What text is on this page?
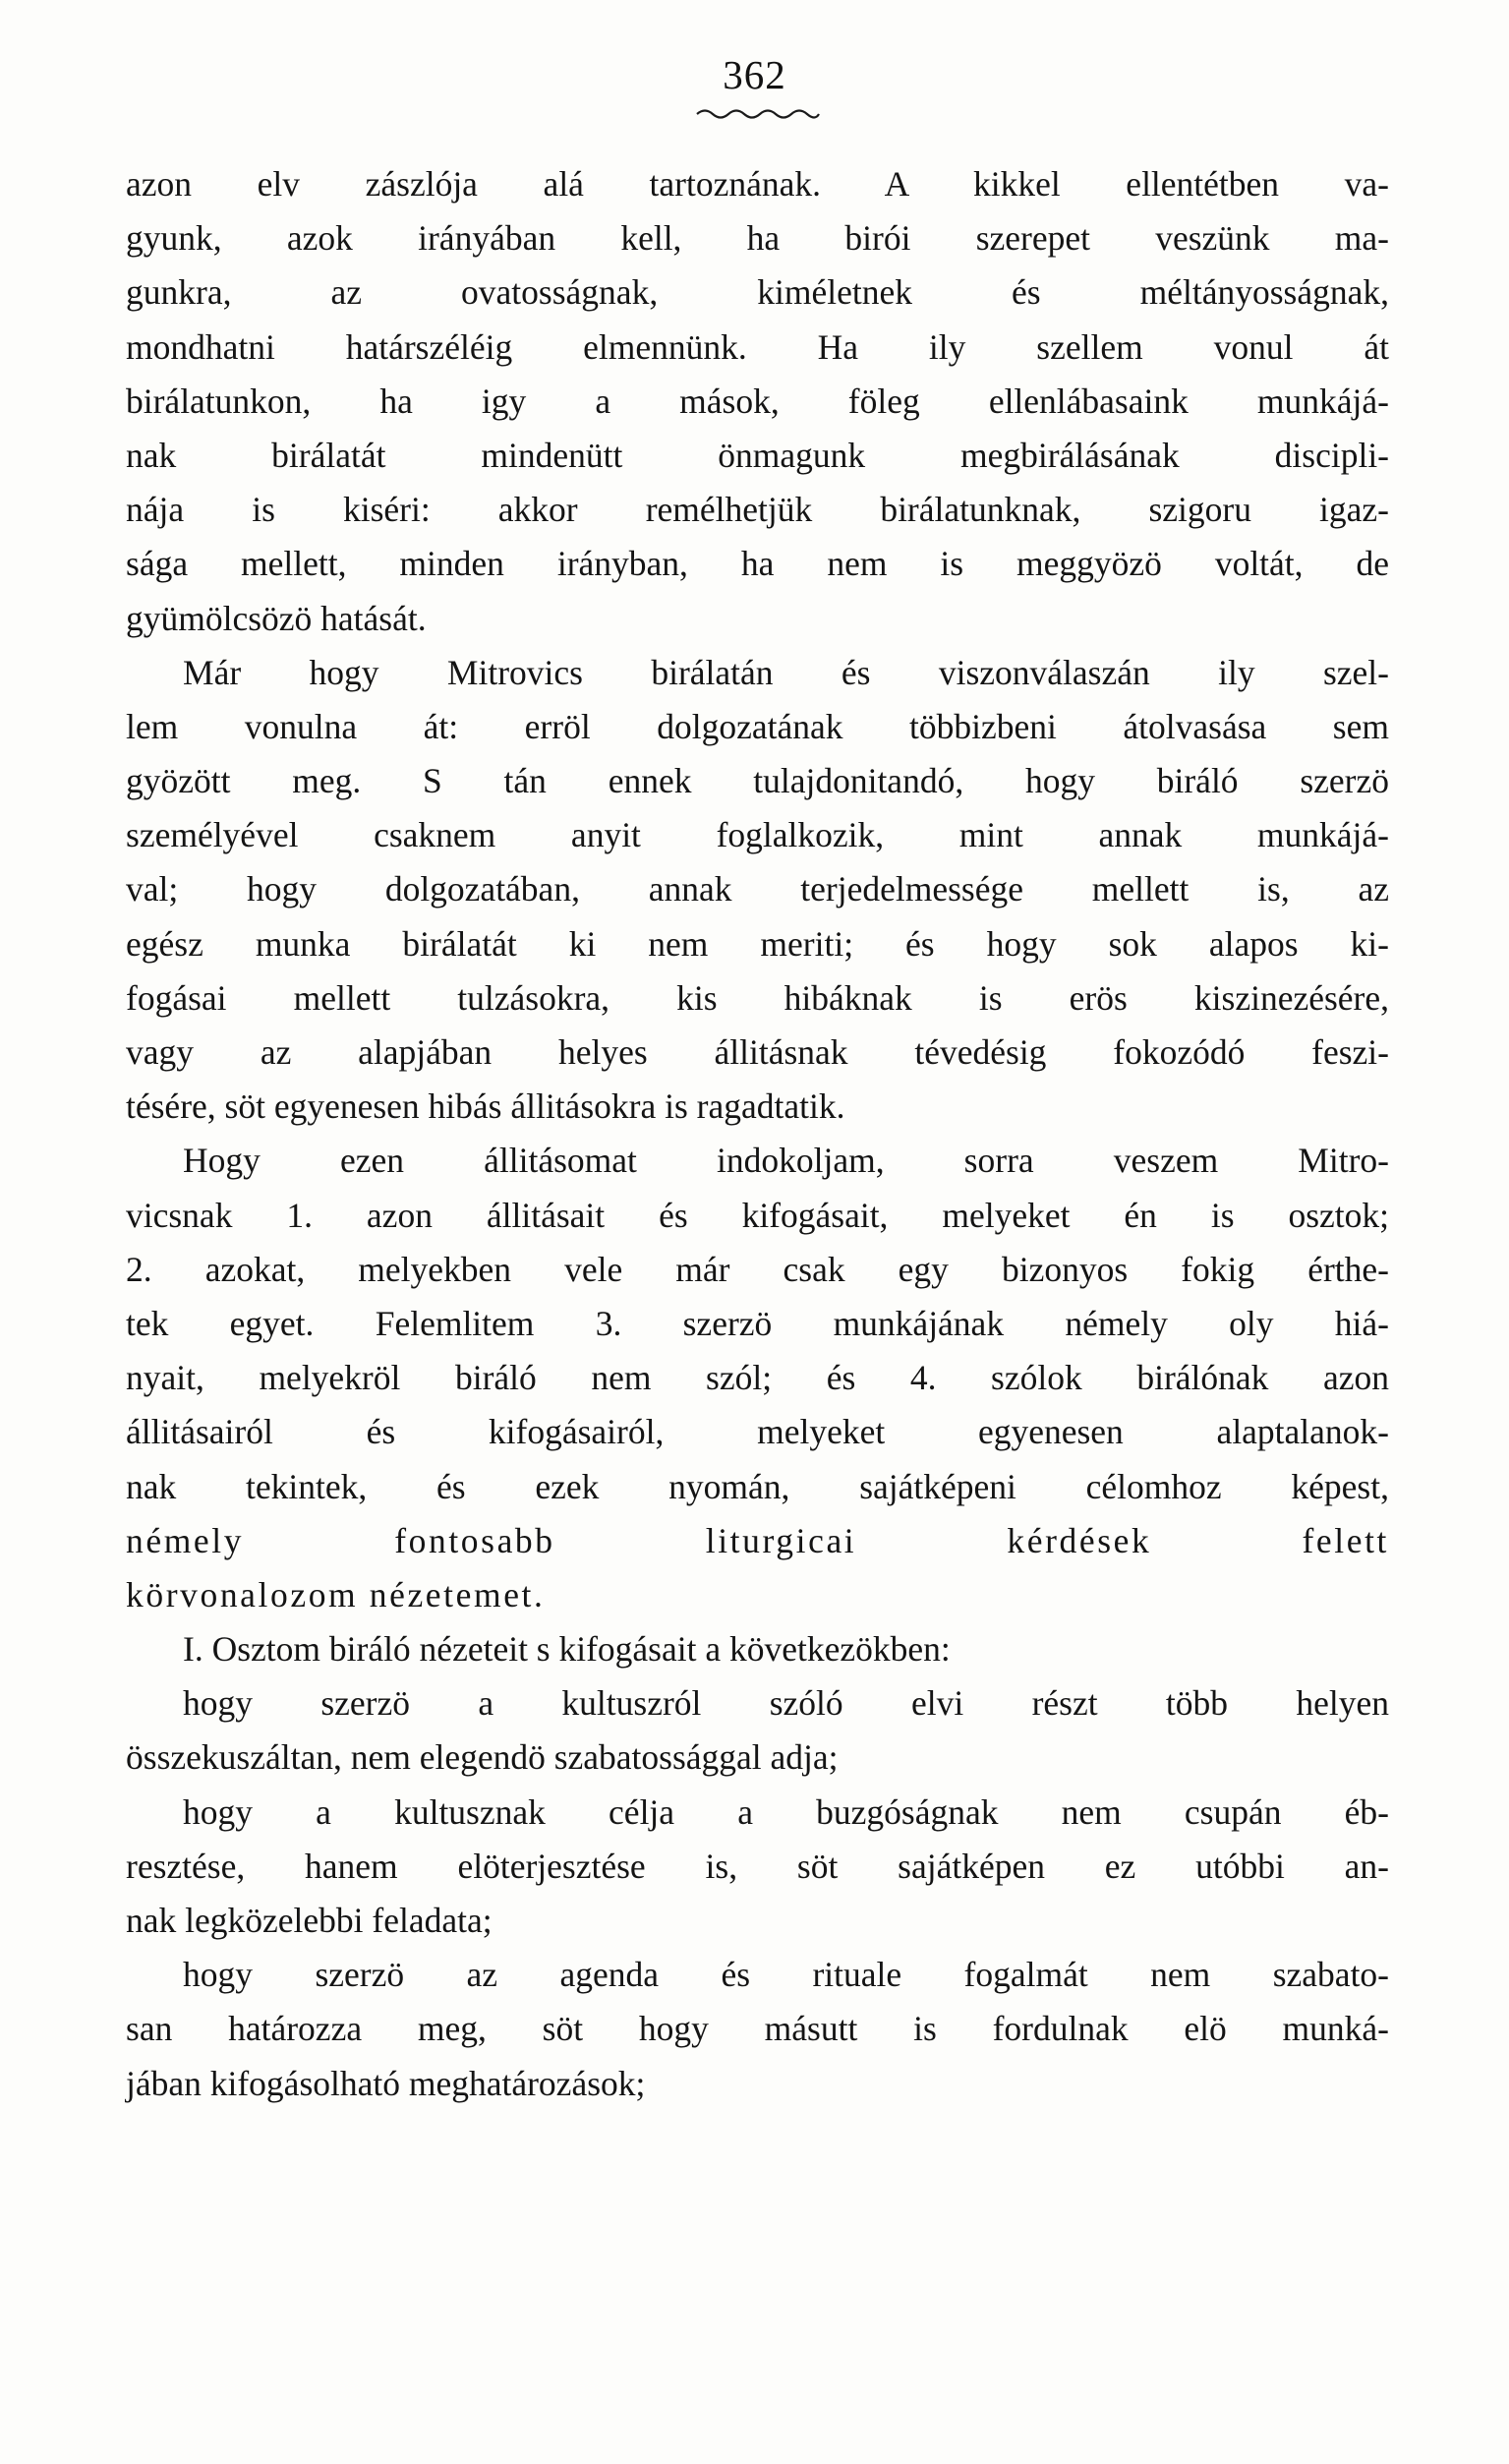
362

azon elv zászlója alá tartoznának. A kikkel ellentétben va-
gyunk, azok irányában kell, ha birói szerepet veszünk ma-
gunkra, az ovatosságnak, kiméletnek és méltányosságnak,
mondhatni határszéléig elmennünk. Ha ily szellem vonul át
birálatunkon, ha igy a mások, föleg ellenlábasaink munkájá-
nak birálatát mindenütt önmagunk megbirálásának discipli-
nája is kiséri: akkor remélhetjük birálatunknak, szigoru igaz-
sága mellett, minden irányban, ha nem is meggyözö voltát, de
gyümölcsözö hatását.

Már hogy Mitrovics birálatán és viszonválaszán ily szel-
lem vonulna át: erröl dolgozatának többizbeni átolvasása sem
gyözött meg. S tán ennek tulajdonitandó, hogy biráló szerzö
személyével csaknem anyit foglalkozik, mint annak munkájá-
val; hogy dolgozatában, annak terjedelmessége mellett is, az
egész munka birálatát ki nem meriti; és hogy sok alapos ki-
fogásai mellett tulzásokra, kis hibáknak is erös kiszinezésére,
vagy az alapjában helyes állitásnak tévedésig fokozódó feszi-
tésére, söt egyenesen hibás állitásokra is ragadtatik.

Hogy ezen állitásomat indokoljam, sorra veszem Mitro-
vicsnak 1. azon állitásait és kifogásait, melyeket én is osztok;
2. azokat, melyekben vele már csak egy bizonyos fokig érthe-
tek egyet. Felemlitem 3. szerzö munkájának némely oly hiá-
nyait, melyekröl biráló nem szól; és 4. szólok birálónak azon
állitásairól és kifogásairól, melyeket egyenesen alaptalanok-
nak tekintek, és ezek nyomán, sajátképeni célomhoz képest,
némely fontosabb liturgicai kérdések felett
körvonalozom nézetemet.

I. Osztom biráló nézeteit s kifogásait a következökben:

hogy szerzö a kultuszról szóló elvi részt több helyen
összekuszáltan, nem elegendö szabatossággal adja;

hogy a kultusznak célja a buzgóságnak nem csupán éb-
resztése, hanem elöterjesztése is, söt sajátképen ez utóbbi an-
nak legközelebbi feladata;

hogy szerzö az agenda és rituale fogalmát nem szabato-
san határozza meg, söt hogy másutt is fordulnak elö munká-
jában kifogásolható meghatározások;
